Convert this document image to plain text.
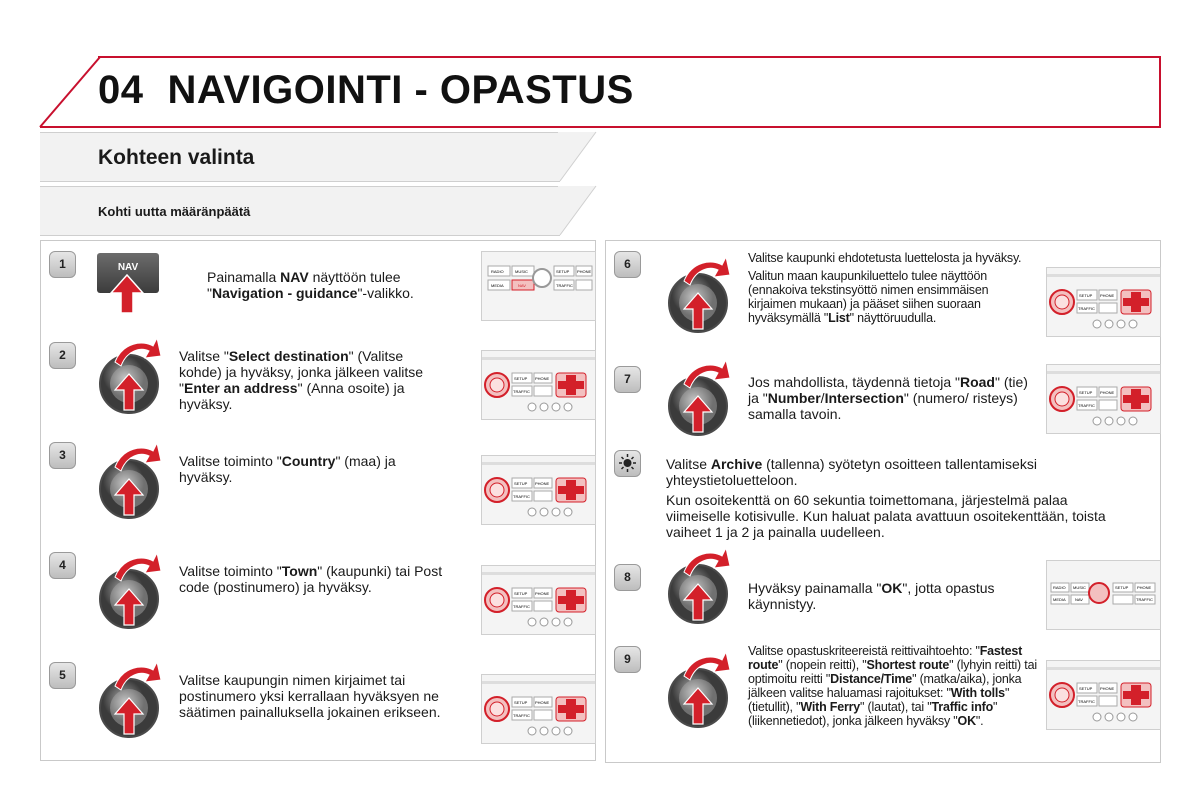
04 NAVIGOINTI - OPASTUS
Kohteen valinta
Kohti uutta määränpäätä
1	NAV
Painamalla NAV näyttöön tulee "Navigation - guidance"-valikko.
RADIO	MUSIC
MEDIA	NAV
SETUP PHONE
TRAFFIC
2	Valitse "Select destination" (Valitse kohde) ja hyväksy, jonka jälkeen valitse "Enter an address" (Anna osoite) ja hyväksy.
SETUP PHONE
TRAFFIC
3	Valitse toiminto "Country" (maa) ja hyväksy.	SETUP PHONE
TRAFFIC
4	Valitse toiminto "Town" (kaupunki) tai Post code (postinumero) ja hyväksy.	SETUP PHONE
TRAFFIC
5	Valitse kaupungin nimen kirjaimet tai postinumero yksi kerrallaan hyväksyen ne säätimen painalluksella jokainen erikseen.
SETUP PHONE
TRAFFIC
6	Valitse kaupunki ehdotetusta luettelosta ja hyväksy.

Valitun maan kaupunkiluettelo tulee näyttöön (ennakoiva tekstinsyöttö nimen ensimmäisen kirjaimen mukaan) ja pääset siihen suoraan hyväksymällä "List" näyttöruudulla.

SETUP PHONE
TRAFFIC
7	Jos mahdollista, täydennä tietoja "Road" (tie) ja "Number/Intersection" (numero/ risteys) samalla tavoin.
SETUP PHONE
TRAFFIC

Valitse Archive (tallenna) syötetyn osoitteen tallentamiseksi yhteystietoluetteloon.

Kun osoitekenttä on 60 sekuntia toimettomana, järjestelmä palaa viimeiselle kotisivulle. Kun haluat palata avattuun osoitekenttään, toista vaiheet 1 ja 2 ja painalla uudelleen.

8
Hyväksy painamalla "OK", jotta opastus käynnistyy.
RADIO MUSIC
MEDIA NAV
SETUP PHONE
TRAFFIC
9
Valitse opastuskriteereistä reittivaihtoehto: "Fastest route" (nopein reitti), "Shortest route" (lyhyin reitti) tai optimoitu reitti "Distance/Time" (matka/aika), jonka jälkeen valitse haluamasi rajoitukset: "With tolls" (tietullit), "With Ferry" (lautat), tai "Traffic info" (liikennetiedot), jonka jälkeen hyväksy "OK".
SETUP PHONE
TRAFFIC
